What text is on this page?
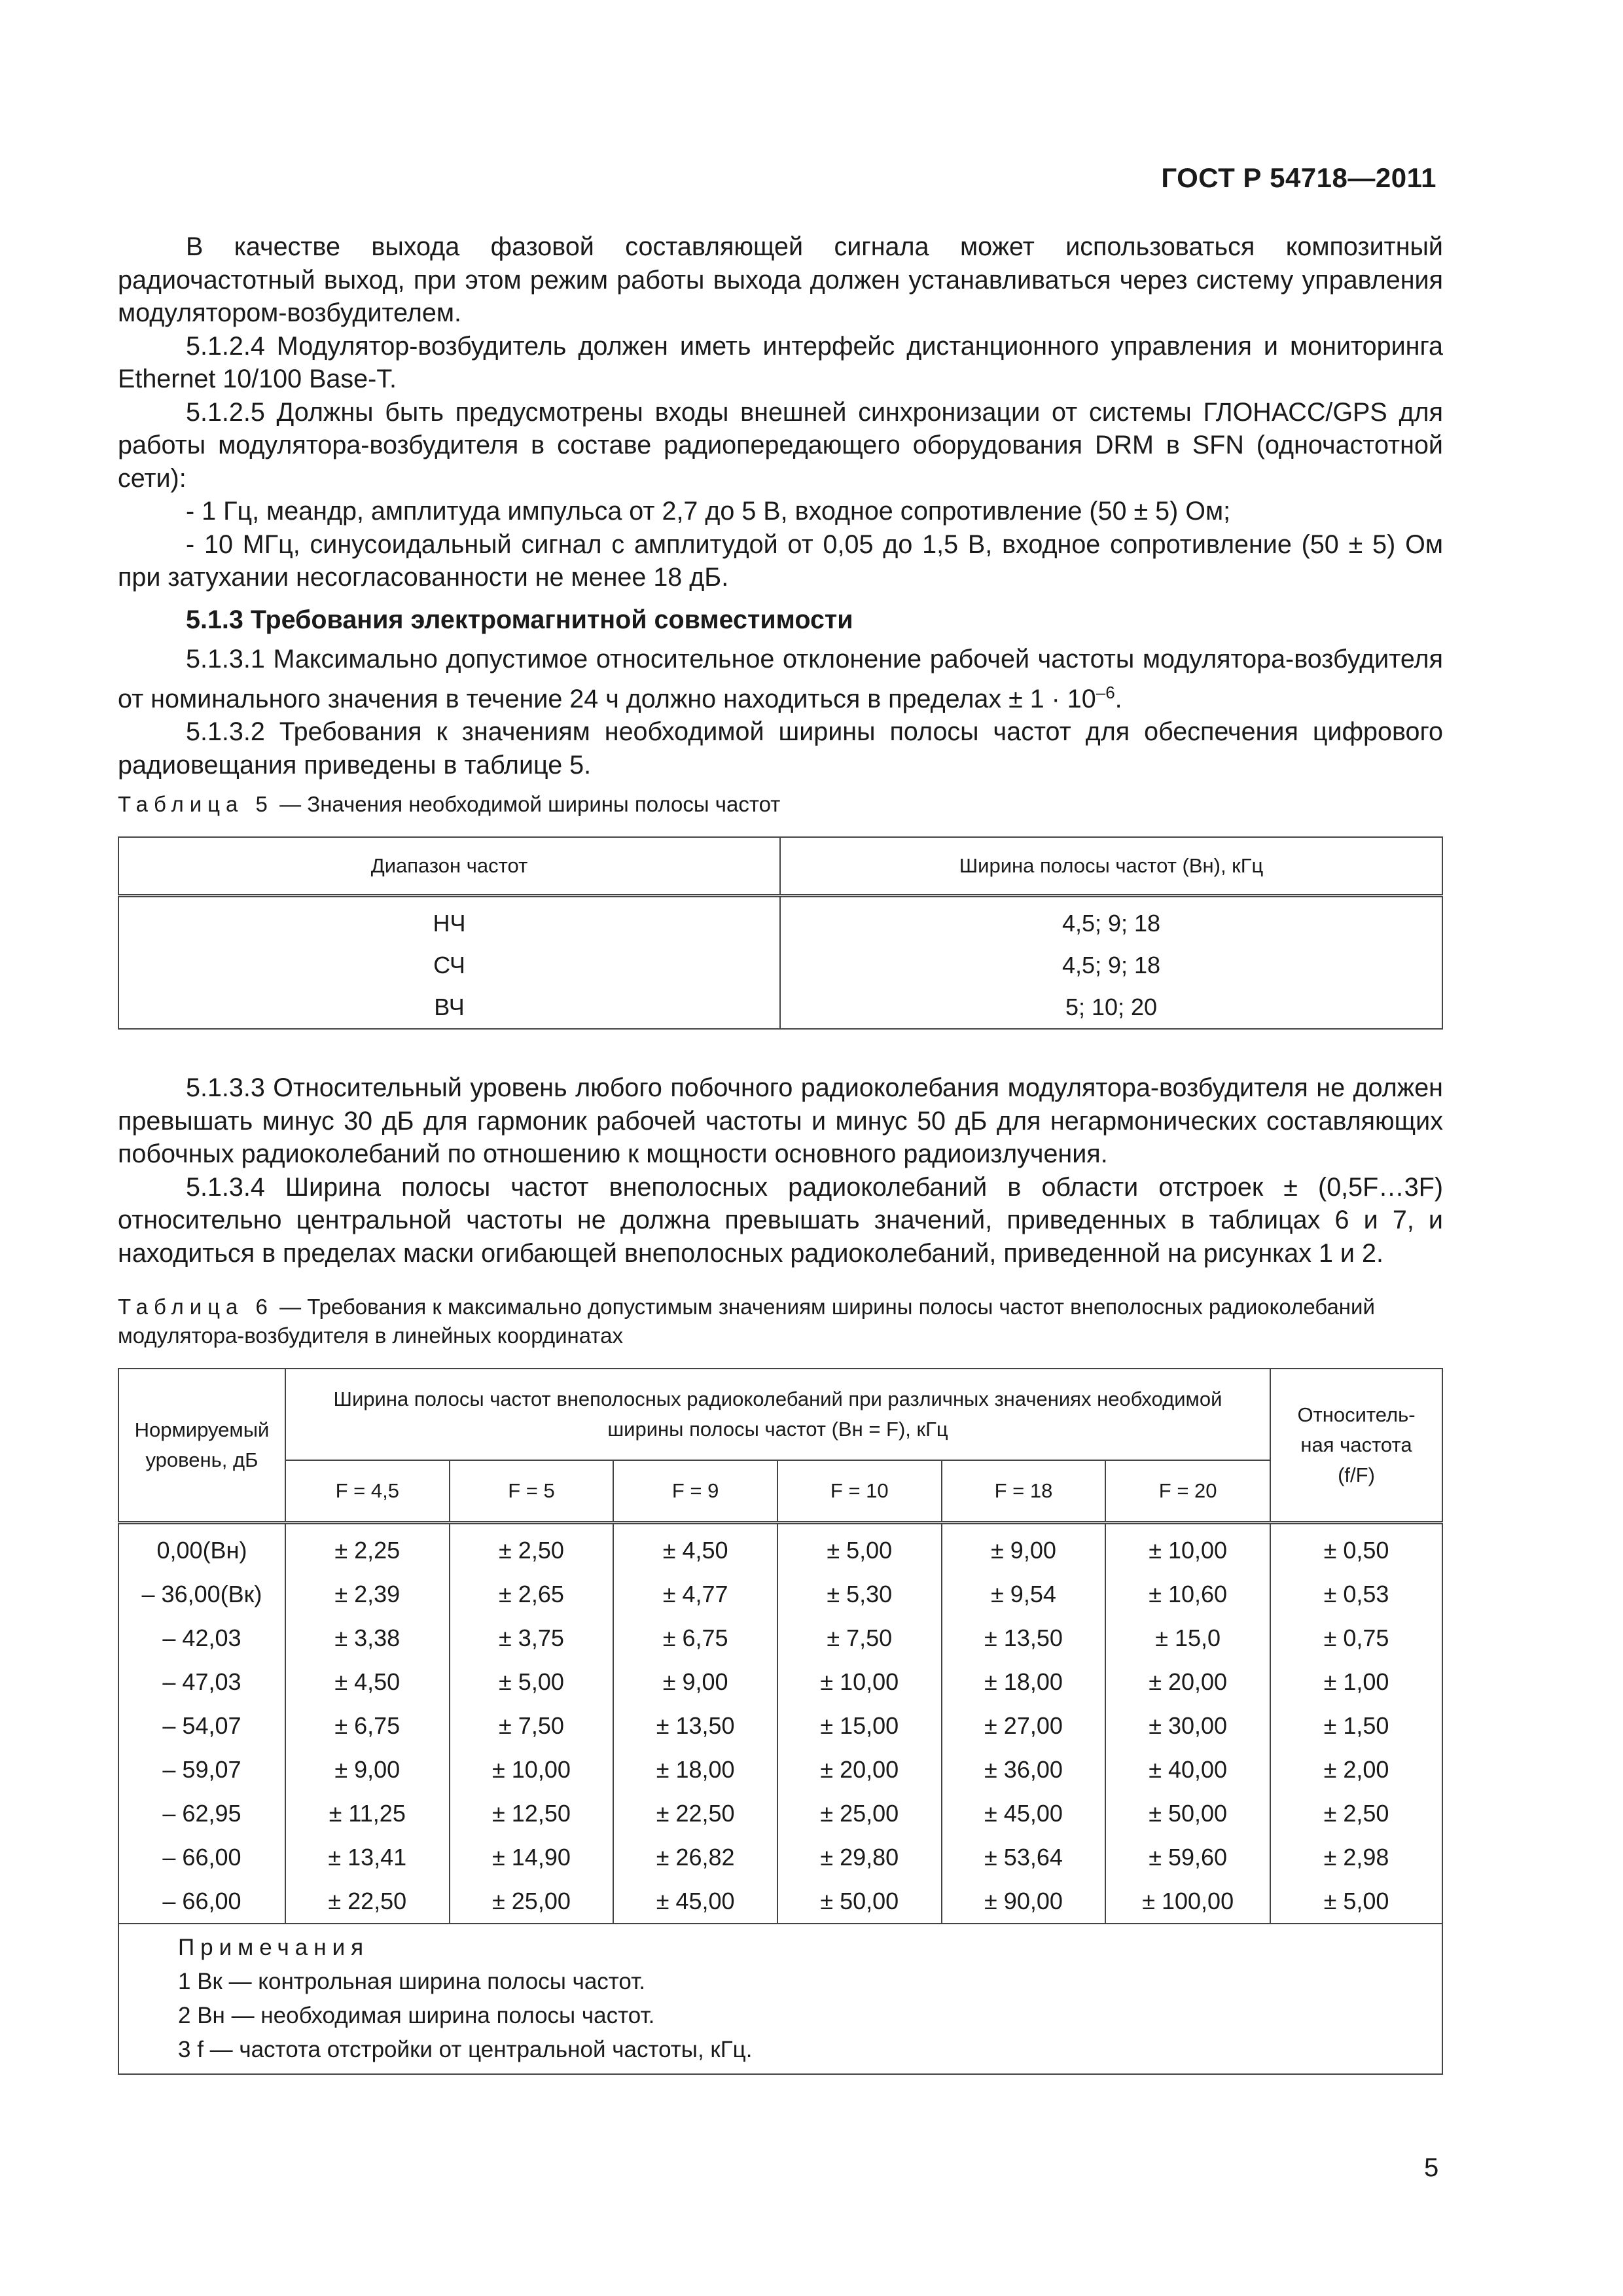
ГОСТ Р 54718—2011

В качестве выхода фазовой составляющей сигнала может использоваться композитный радиочастотный выход, при этом режим работы выхода должен устанавливаться через систему управления модулятором-возбудителем.

5.1.2.4 Модулятор-возбудитель должен иметь интерфейс дистанционного управления и мониторинга Ethernet 10/100 Base-T.

5.1.2.5 Должны быть предусмотрены входы внешней синхронизации от системы ГЛОНАСС/GPS для работы модулятора-возбудителя в составе радиопередающего оборудования DRM в SFN (одночастотной сети):

- 1 Гц, меандр, амплитуда импульса от 2,7 до 5 В, входное сопротивление (50 ± 5) Ом;

- 10 МГц, синусоидальный сигнал с амплитудой от 0,05 до 1,5 В, входное сопротивление (50 ± 5) Ом при затухании несогласованности не менее 18 дБ.

5.1.3 Требования электромагнитной совместимости

5.1.3.1 Максимально допустимое относительное отклонение рабочей частоты модулятора-возбудителя от номинального значения в течение 24 ч должно находиться в пределах ± $1 \cdot 10^{-6}$.

5.1.3.2 Требования к значениям необходимой ширины полосы частот для обеспечения цифрового радиовещания приведены в таблице 5.

Таблица 5 — Значения необходимой ширины полосы частот
Диапазон частот	Ширина полосы частот (Вн), кГц
НЧ	4,5; 9; 18
СЧ	4,5; 9; 18
ВЧ	5; 10; 20

5.1.3.3 Относительный уровень любого побочного радиоколебания модулятора-возбудителя не должен превышать минус 30 дБ для гармоник рабочей частоты и минус 50 дБ для негармонических составляющих побочных радиоколебаний по отношению к мощности основного радиоизлучения.

5.1.3.4 Ширина полосы частот внеполосных радиоколебаний в области отстроек ± (0,5F…3F) относительно центральной частоты не должна превышать значений, приведенных в таблицах 6 и 7, и находиться в пределах маски огибающей внеполосных радиоколебаний, приведенной на рисунках 1 и 2.

Таблица 6 — Требования к максимально допустимым значениям ширины полосы частот внеполосных радиоколебаний модулятора-возбудителя в линейных координатах
Нормируемый уровень, дБ	Ширина полосы частот внеполосных радиоколебаний при различных значениях необходимой ширины полосы частот (Вн = F), кГц						Относитель-ная частота (f/F)
	F = 4,5	F = 5	F = 9	F = 10	F = 18	F = 20	
0,00(Вн)	± 2,25	± 2,50	± 4,50	± 5,00	± 9,00	± 10,00	± 0,50
– 36,00(Вк)	± 2,39	± 2,65	± 4,77	± 5,30	± 9,54	± 10,60	± 0,53
– 42,03	± 3,38	± 3,75	± 6,75	± 7,50	± 13,50	± 15,0	± 0,75
– 47,03	± 4,50	± 5,00	± 9,00	± 10,00	± 18,00	± 20,00	± 1,00
– 54,07	± 6,75	± 7,50	± 13,50	± 15,00	± 27,00	± 30,00	± 1,50
– 59,07	± 9,00	± 10,00	± 18,00	± 20,00	± 36,00	± 40,00	± 2,00
– 62,95	± 11,25	± 12,50	± 22,50	± 25,00	± 45,00	± 50,00	± 2,50
– 66,00	± 13,41	± 14,90	± 26,82	± 29,80	± 53,64	± 59,60	± 2,98
– 66,00	± 22,50	± 25,00	± 45,00	± 50,00	± 90,00	± 100,00	± 5,00

Примечания
1 Вк — контрольная ширина полосы частот.
2 Вн — необходимая ширина полосы частот.
3 f — частота отстройки от центральной частоты, кГц.							
5
